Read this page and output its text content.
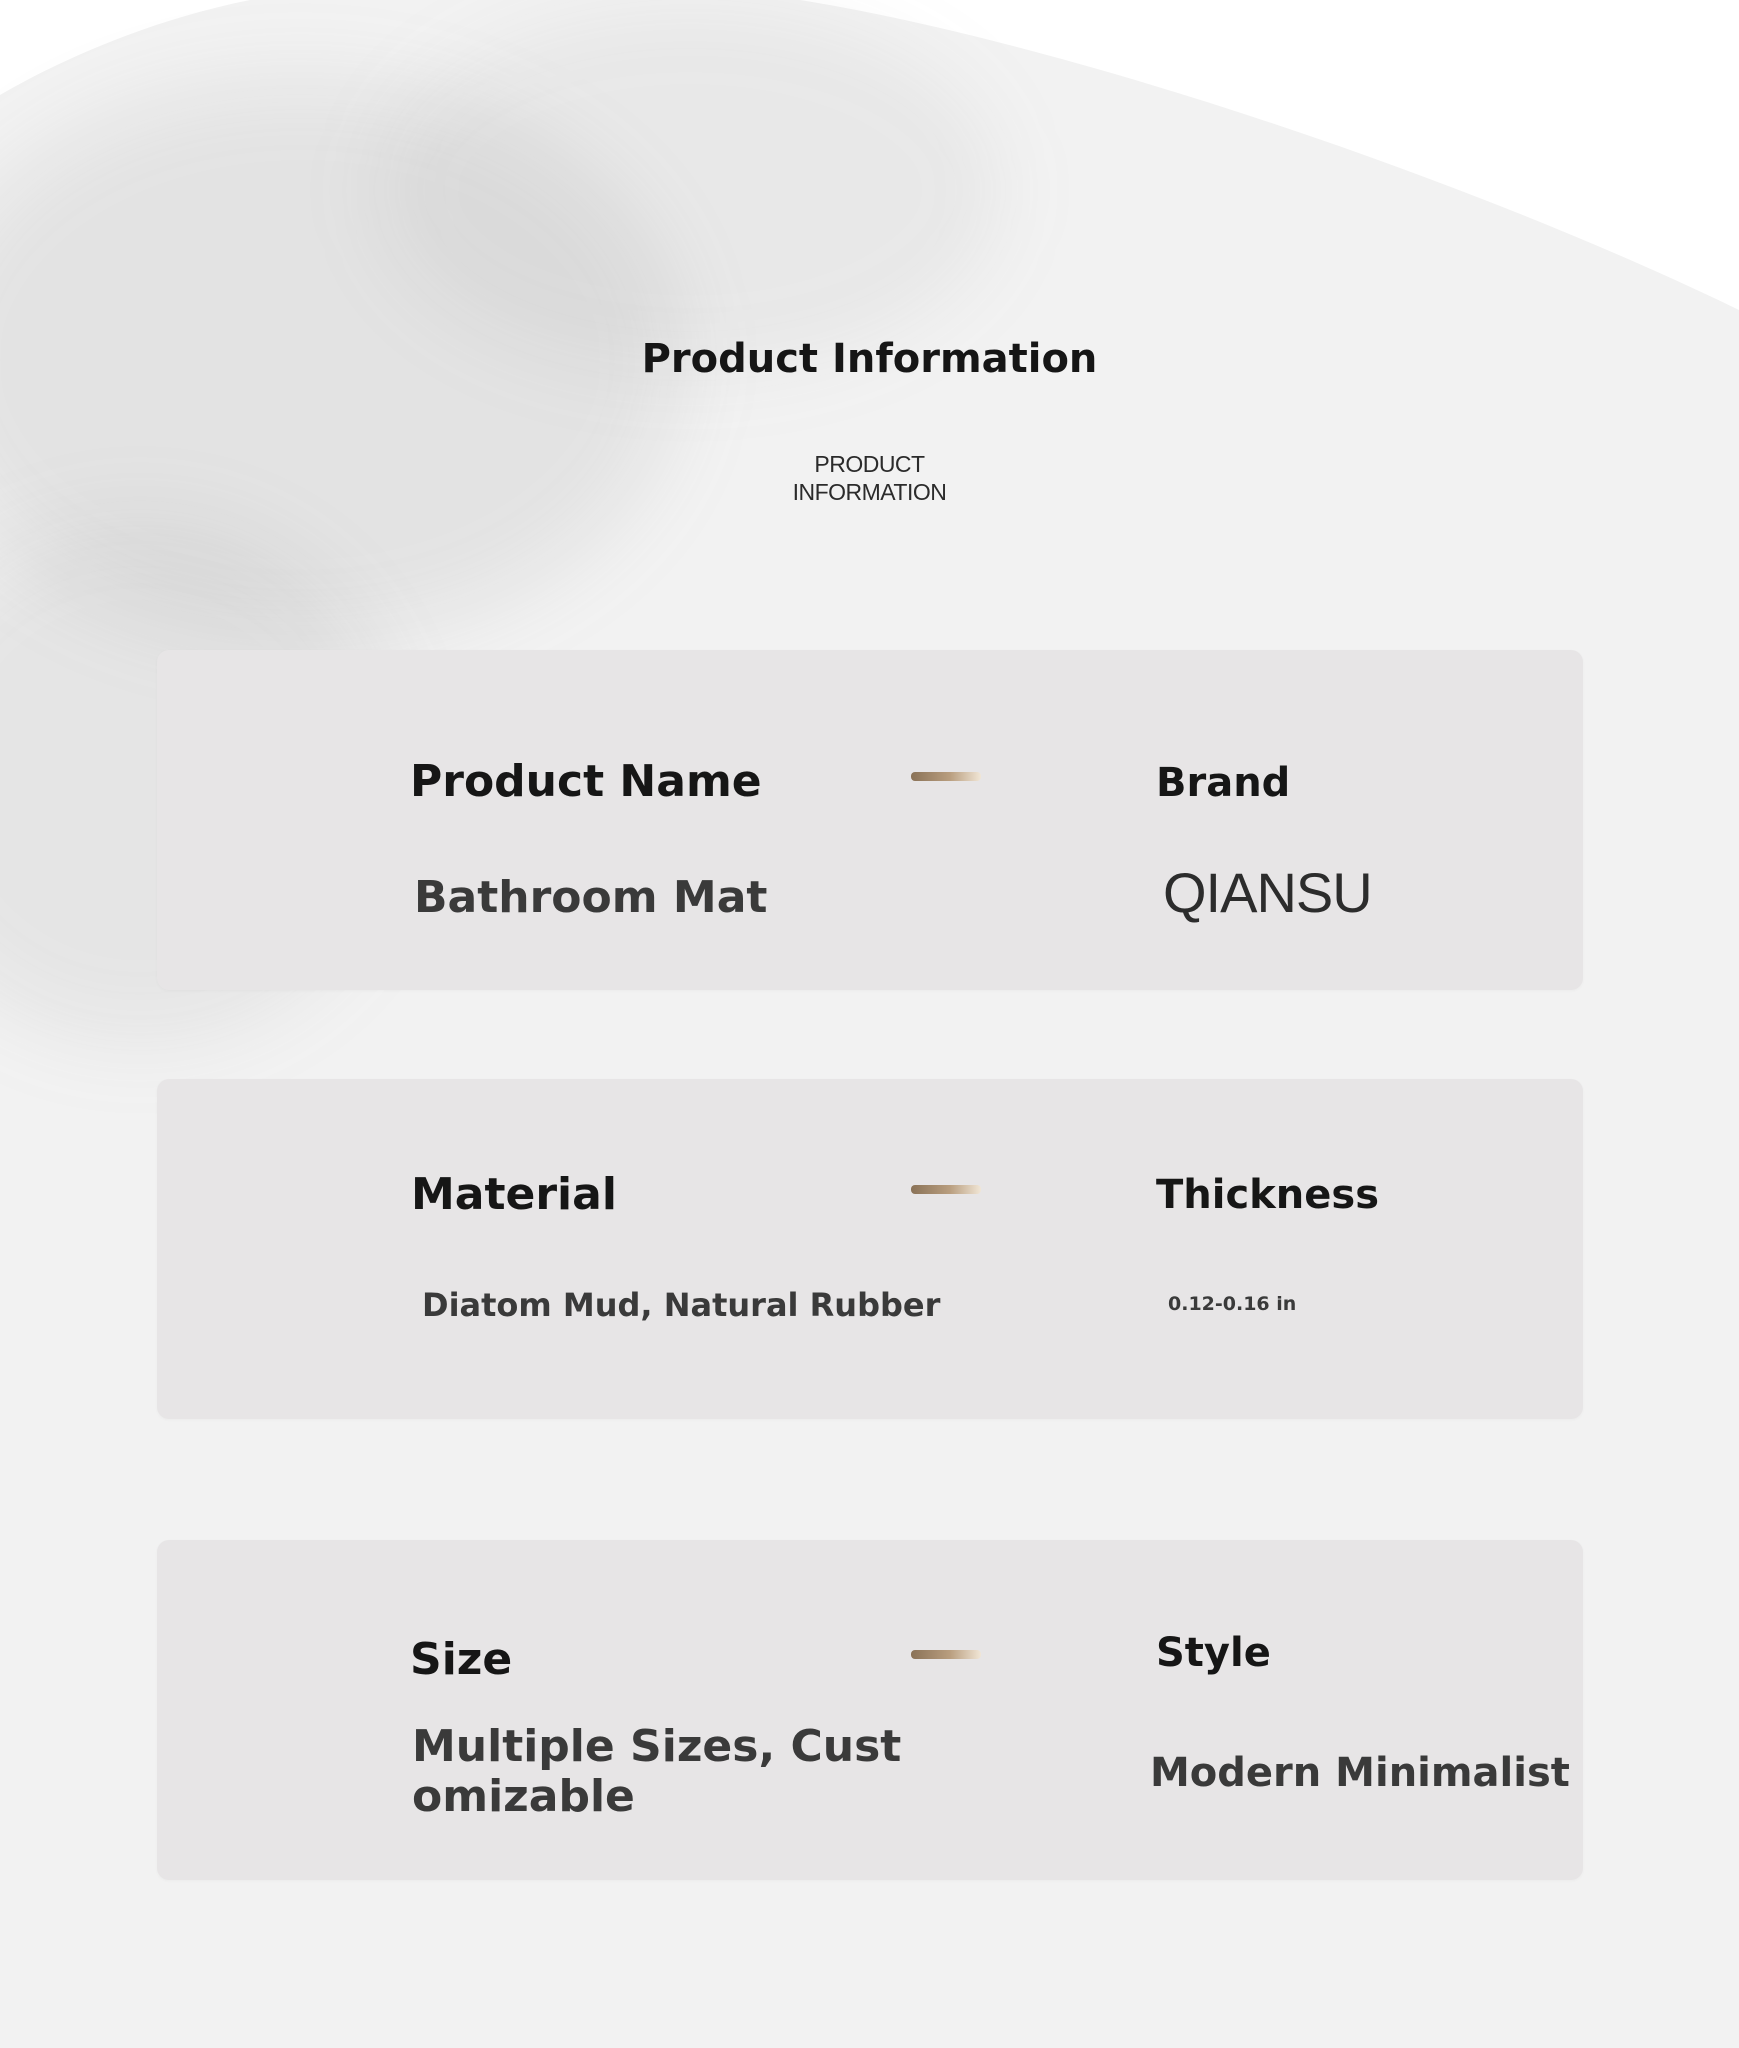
Product Information
PRODUCT
INFORMATION
Product Name
Bathroom Mat
Brand
QIANSU
Material
Diatom Mud, Natural Rubber
Thickness
0.12-0.16 in
Size
Multiple Sizes, Cust
omizable
Style
Modern Minimalist
